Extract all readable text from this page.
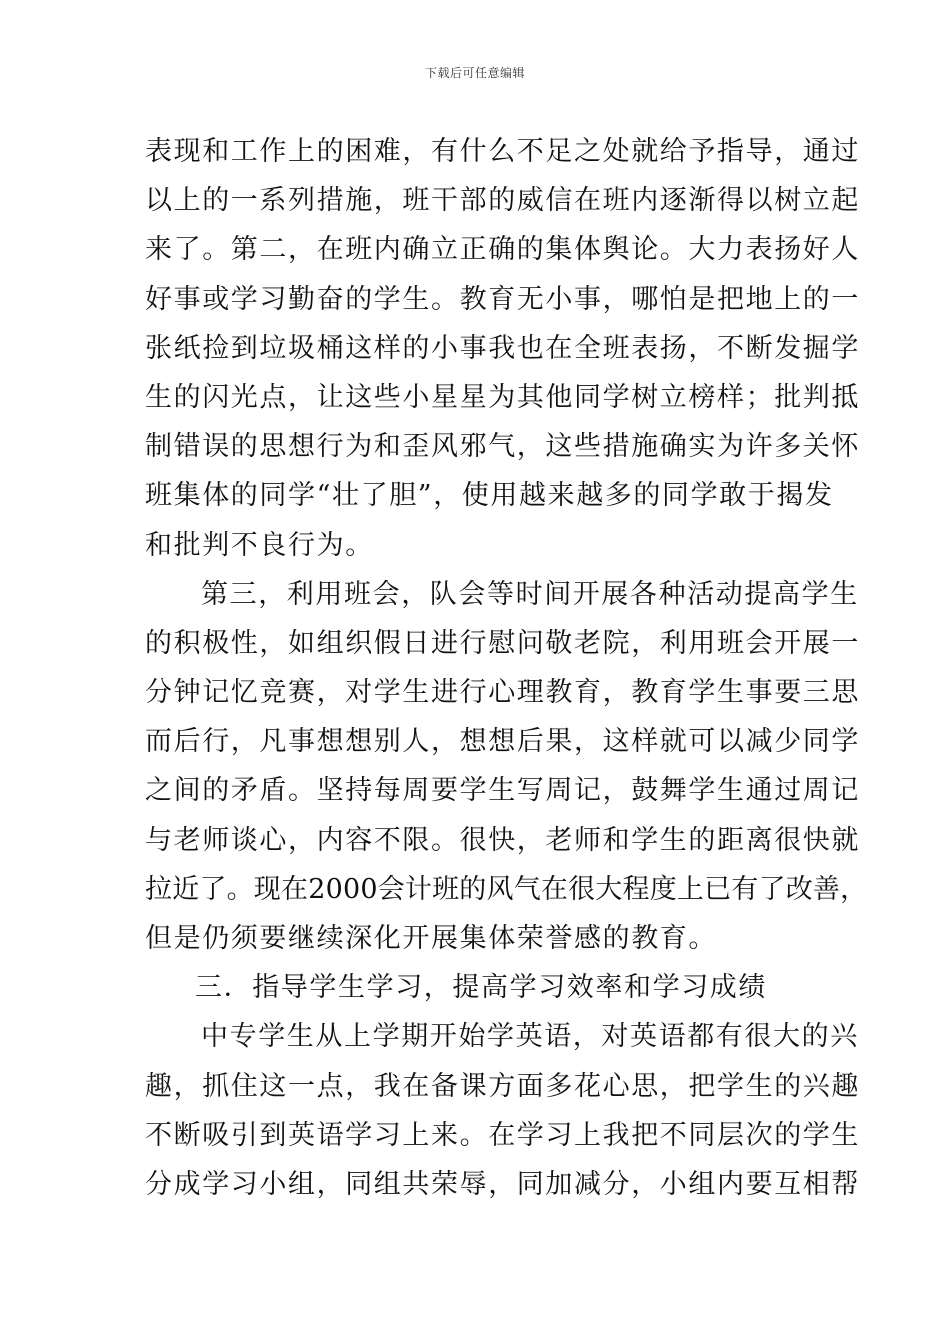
下载后可任意编辑
表现和工作上的困难，有什么不足之处就给予指导，通过
以上的一系列措施，班干部的威信在班内逐渐得以树立起
来了。第二，在班内确立正确的集体舆论。大力表扬好人
好事或学习勤奋的学生。教育无小事，哪怕是把地上的一
张纸捡到垃圾桶这样的小事我也在全班表扬，不断发掘学
生的闪光点，让这些小星星为其他同学树立榜样；批判抵
制错误的思想行为和歪风邪气，这些措施确实为许多关怀
班集体的同学“壮了胆”，使用越来越多的同学敢于揭发
和批判不良行为。
第三，利用班会，队会等时间开展各种活动提高学生
的积极性，如组织假日进行慰问敬老院，利用班会开展一
分钟记忆竞赛，对学生进行心理教育，教育学生事要三思
而后行，凡事想想别人，想想后果，这样就可以减少同学
之间的矛盾。坚持每周要学生写周记，鼓舞学生通过周记
与老师谈心，内容不限。很快，老师和学生的距离很快就
拉近了。现在2000会计班的风气在很大程度上已有了改善，
但是仍须要继续深化开展集体荣誉感的教育。
三．指导学生学习，提高学习效率和学习成绩
中专学生从上学期开始学英语，对英语都有很大的兴
趣，抓住这一点，我在备课方面多花心思，把学生的兴趣
不断吸引到英语学习上来。在学习上我把不同层次的学生
分成学习小组，同组共荣辱，同加减分，小组内要互相帮
